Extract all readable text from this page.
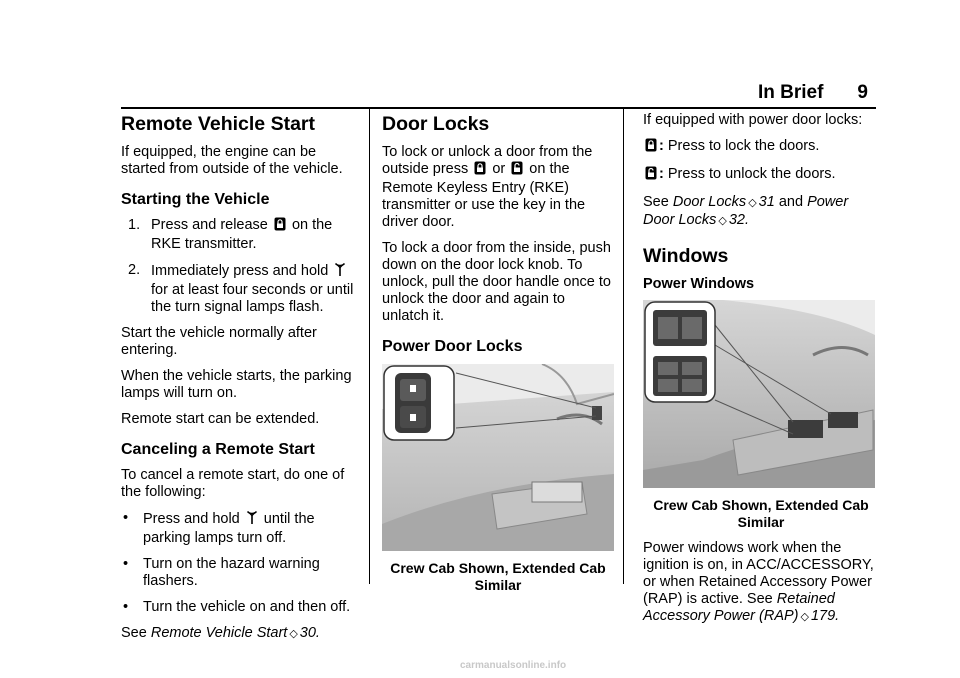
In Brief 9
Remote Vehicle Start

If equipped, the engine can be started from outside of the vehicle.

Starting the Vehicle
1. Press and release on the RKE transmitter.
2. Immediately press and hold  for at least four seconds or until the turn signal lamps flash.

Start the vehicle normally after entering.

When the vehicle starts, the parking lamps will turn on.

Remote start can be extended.

Canceling a Remote Start

To cancel a remote start, do one of the following:

• Press and hold until the parking lamps turn off.
• Turn on the hazard warning flashers.
• Turn the vehicle on and then off.

See Remote Vehicle Start ◇ 30.

Door Locks

To lock or unlock a door from the outside press or on the Remote Keyless Entry (RKE) transmitter or use the key in the driver door.

To lock a door from the inside, push down on the door lock knob. To unlock, pull the door handle once to unlock the door and again to unlatch it.

Power Door Locks
Crew Cab Shown, Extended Cab Similar

If equipped with power door locks:

: Press to lock the doors.

: Press to unlock the doors.

See Door Locks ◇ 31 and Power Door Locks ◇ 32.

Windows
Power Windows
Crew Cab Shown, Extended Cab Similar

Power windows work when the ignition is on, in ACC/ACCESSORY, or when Retained Accessory Power (RAP) is active. See Retained Accessory Power (RAP) ◇ 179.

carmanualsonline.info
